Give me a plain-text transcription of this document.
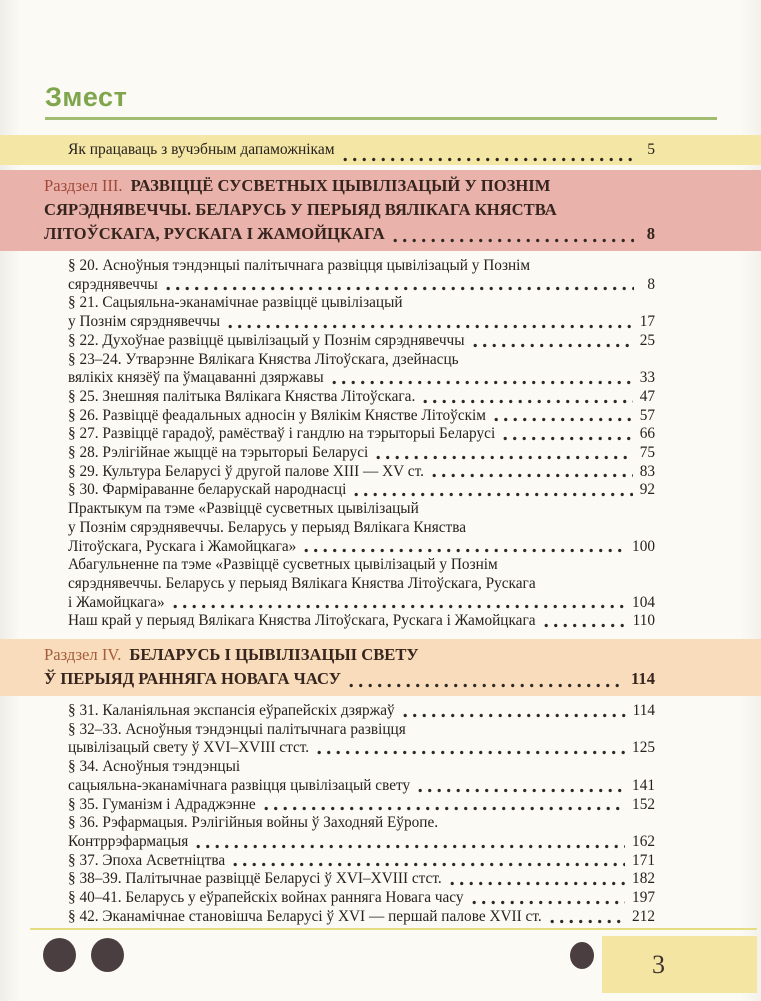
Змест
Як працаваць з вучэбным дапаможнікам	5
Раздзел III. РАЗВІЦЦЁ СУСВЕТНЫХ ЦЫВІЛІЗАЦЫЙ У ПОЗНІМ
СЯРЭДНЯВЕЧЧЫ. БЕЛАРУСЬ У ПЕРЫЯД ВЯЛІКАГА КНЯСТВА
ЛІТОЎСКАГА, РУСКАГА І ЖАМОЙЦКАГА	8
§ 20. Асноўныя тэндэнцыі палітычнага развіцця цывілізацый у Познім
сярэднявеччы	8
§ 21. Сацыяльна-эканамічнае развіццё цывілізацый
у Познім сярэднявеччы	17
§ 22. Духоўнае развіццё цывілізацый у Познім сярэднявеччы	25
§ 23–24. Утварэнне Вялікага Княства Літоўскага, дзейнасць
вялікіх князёў па ўмацаванні дзяржавы	33
§ 25. Знешняя палітыка Вялікага Княства Літоўскага.	47
§ 26. Развіццё феадальных адносін у Вялікім Княстве Літоўскім	57
§ 27. Развіццё гарадоў, рамёстваў і гандлю на тэрыторыі Беларусі	66
§ 28. Рэлігійнае жыццё на тэрыторыі Беларусі	75
§ 29. Культура Беларусі ў другой палове XIII — XV ст.	83
§ 30. Фарміраванне беларускай народнасці	92
Практыкум па тэме «Развіццё сусветных цывілізацый
у Познім сярэднявеччы. Беларусь у перыяд Вялікага Княства
Літоўскага, Рускага і Жамойцкага»	100
Абагульненне па тэме «Развіццё сусветных цывілізацый у Познім
сярэднявеччы. Беларусь у перыяд Вялікага Княства Літоўскага, Рускага
і Жамойцкага»	104
Наш край у перыяд Вялікага Княства Літоўскага, Рускага і Жамойцкага	110
Раздзел IV. БЕЛАРУСЬ І ЦЫВІЛІЗАЦЫІ СВЕТУ
Ў ПЕРЫЯД РАННЯГА НОВАГА ЧАСУ	114
§ 31. Каланіяльная экспансія еўрапейскіх дзяржаў	114
§ 32–33. Асноўныя тэндэнцыі палітычнага развіцця
цывілізацый свету ў XVI–XVIII стст.	125
§ 34. Асноўныя тэндэнцыі
сацыяльна-эканамічнага развіцця цывілізацый свету	141
§ 35. Гуманізм і Адраджэнне	152
§ 36. Рэфармацыя. Рэлігійныя войны ў Заходняй Еўропе.
Контррэфармацыя	162
§ 37. Эпоха Асветніцтва	171
§ 38–39. Палітычнае развіццё Беларусі ў XVI–XVIII стст.	182
§ 40–41. Беларусь у еўрапейскіх войнах ранняга Новага часу	197
§ 42. Эканамічнае становішча Беларусі ў XVI — першай палове XVII ст.	212
3
